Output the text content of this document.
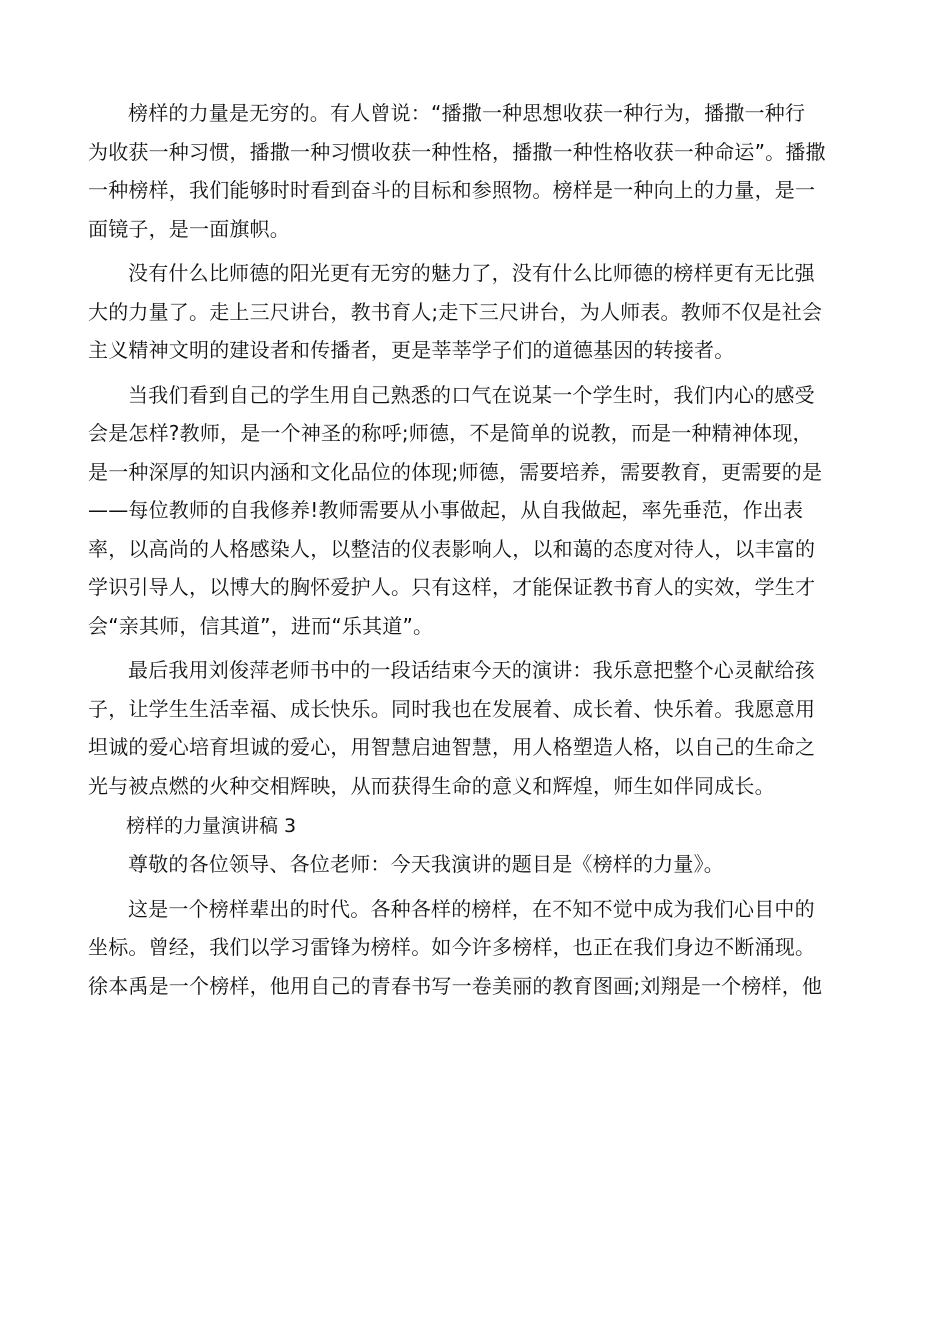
榜样的力量是无穷的。有人曾说：“播撒一种思想收获一种行为，播撒一种行
为收获一种习惯，播撒一种习惯收获一种性格，播撒一种性格收获一种命运”。播撒
一种榜样，我们能够时时看到奋斗的目标和参照物。榜样是一种向上的力量，是一
面镜子，是一面旗帜。
没有什么比师德的阳光更有无穷的魅力了，没有什么比师德的榜样更有无比强
大的力量了。走上三尺讲台，教书育人;走下三尺讲台，为人师表。教师不仅是社会
主义精神文明的建设者和传播者，更是莘莘学子们的道德基因的转接者。
当我们看到自己的学生用自己熟悉的口气在说某一个学生时，我们内心的感受
会是怎样?教师，是一个神圣的称呼;师德，不是简单的说教，而是一种精神体现，
是一种深厚的知识内涵和文化品位的体现;师德，需要培养，需要教育，更需要的是
——每位教师的自我修养!教师需要从小事做起，从自我做起，率先垂范，作出表
率，以高尚的人格感染人，以整洁的仪表影响人，以和蔼的态度对待人，以丰富的
学识引导人，以博大的胸怀爱护人。只有这样，才能保证教书育人的实效，学生才
会“亲其师，信其道”，进而“乐其道”。
最后我用刘俊萍老师书中的一段话结束今天的演讲：我乐意把整个心灵献给孩
子，让学生生活幸福、成长快乐。同时我也在发展着、成长着、快乐着。我愿意用
坦诚的爱心培育坦诚的爱心，用智慧启迪智慧，用人格塑造人格，以自己的生命之
光与被点燃的火种交相辉映，从而获得生命的意义和辉煌，师生如伴同成长。
榜样的力量演讲稿 3
尊敬的各位领导、各位老师：今天我演讲的题目是《榜样的力量》。
这是一个榜样辈出的时代。各种各样的榜样，在不知不觉中成为我们心目中的
坐标。曾经，我们以学习雷锋为榜样。如今许多榜样，也正在我们身边不断涌现。
徐本禹是一个榜样，他用自己的青春书写一卷美丽的教育图画;刘翔是一个榜样，他
